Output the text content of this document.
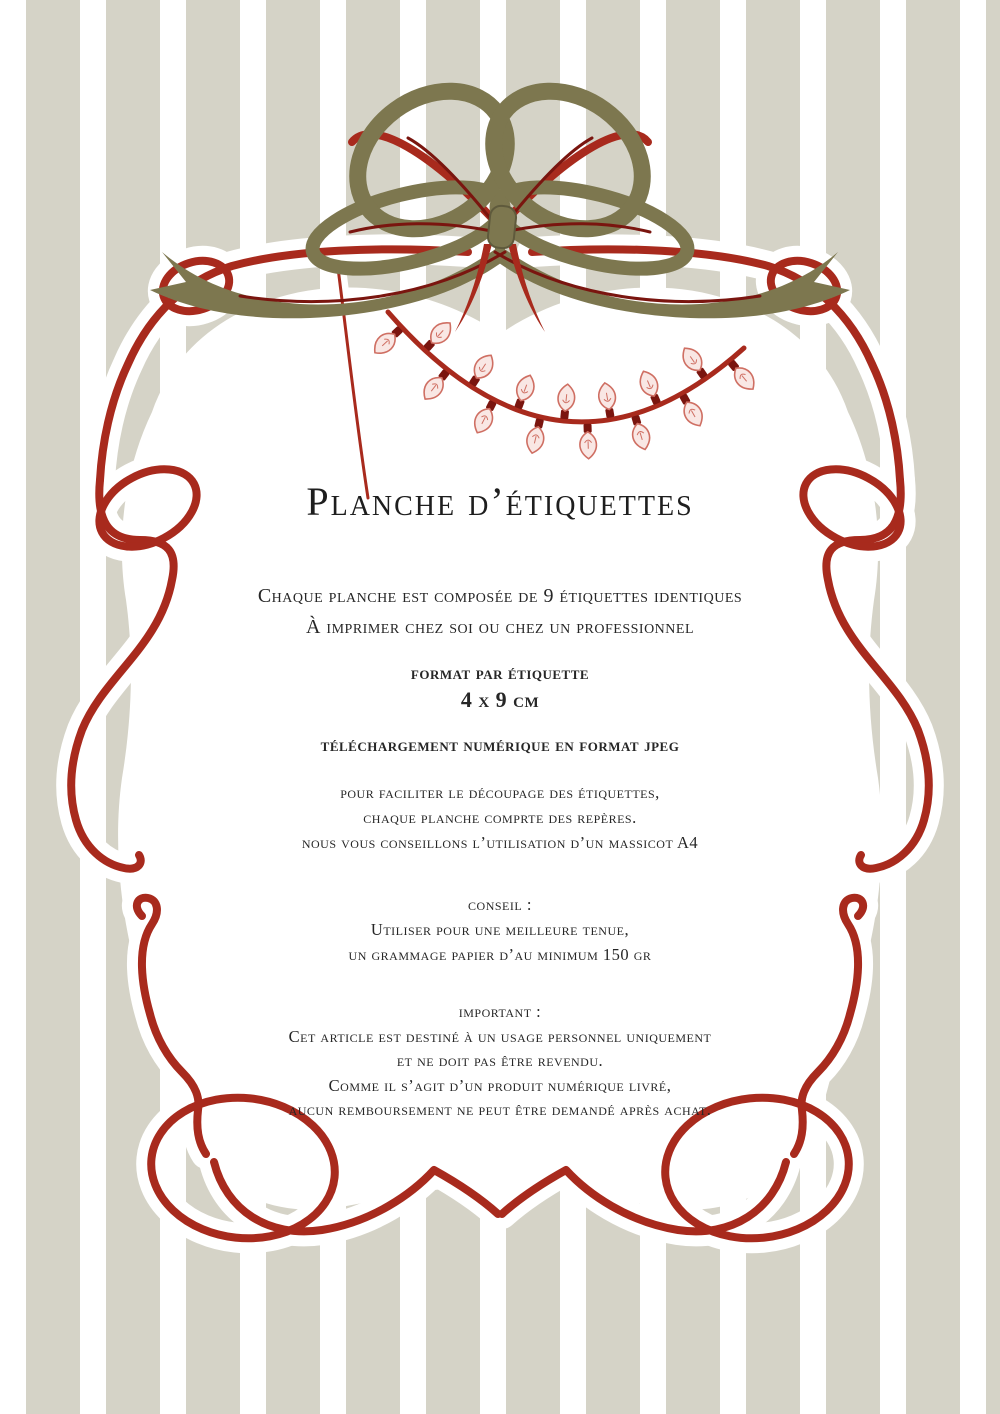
Planche d’étiquettes
Chaque planche est composée de 9 étiquettes identiques
À imprimer chez soi ou chez un professionnel
format par étiquette
4 x 9 cm
téléchargement numérique en format jpeg
pour faciliter le découpage des étiquettes,
chaque planche comprte des repères.
nous vous conseillons l’utilisation d’un massicot A4
conseil :
Utiliser pour une meilleure tenue,
un grammage papier d’au minimum 150 gr
important :
Cet article est destiné à un usage personnel uniquement
et ne doit pas être revendu.
Comme il s’agit d’un produit numérique livré,
aucun remboursement ne peut être demandé après achat.
